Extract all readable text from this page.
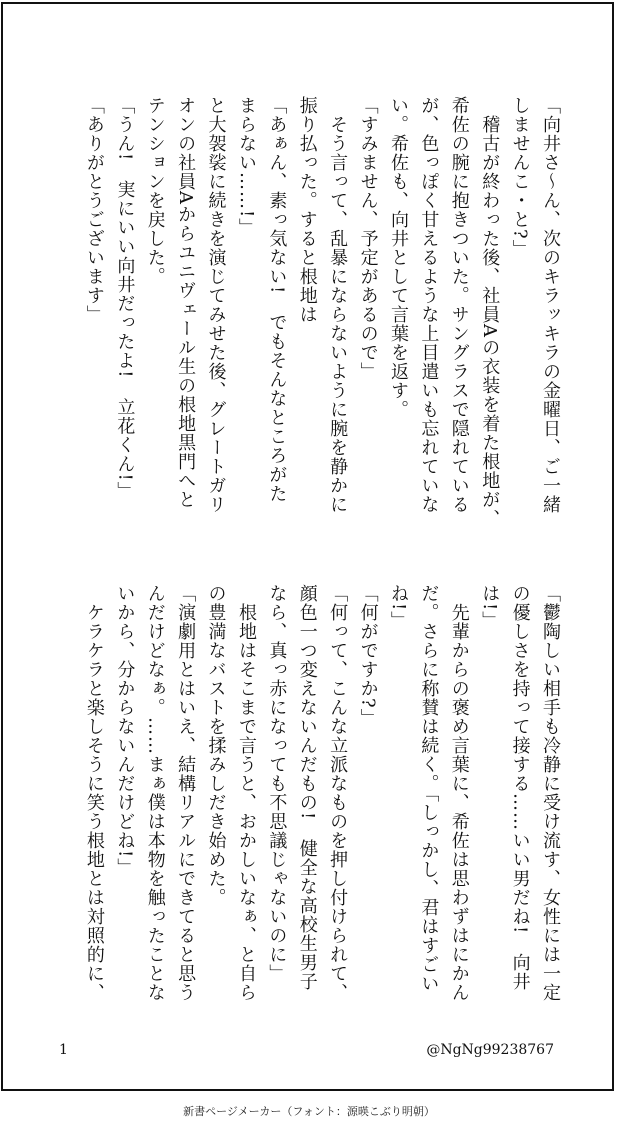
「向井さ〜ん、次のキラッキラの金曜日、ご一緒
しませんこ・と?」
　稽古が終わった後、社員Aの衣装を着た根地が、
希佐の腕に抱きついた。サングラスで隠れている
が、色っぽく甘えるような上目遣いも忘れていな
い。希佐も、向井として言葉を返す。
「すみません、予定があるので」
　そう言って、乱暴にならないように腕を静かに
振り払った。すると根地は
「あぁん、素っ気ない!　でもそんなところがた
まらない……!」
と大袈裟に続きを演じてみせた後、グレートガリ
オンの社員Aからユニヴェール生の根地黒門へと
テンションを戻した。
「うん!　実にいい向井だったよ!　立花くん!」
「ありがとうございます」
「鬱陶しい相手も冷静に受け流す、女性には一定
の優しさを持って接する……いい男だね!　向井
は!」
　先輩からの褒め言葉に、希佐は思わずはにかん
だ。さらに称賛は続く。「しっかし、君はすごい
ね!」
「何がですか?」
「何って、こんな立派なものを押し付けられて、
顔色一つ変えないんだもの!　健全な高校生男子
なら、真っ赤になっても不思議じゃないのに」
　根地はそこまで言うと、おかしいなぁ、と自ら
の豊満なバストを揉みしだき始めた。
「演劇用とはいえ、結構リアルにできてると思う
んだけどなぁ。……まぁ僕は本物を触ったことな
いから、分からないんだけどね!」
　ケラケラと楽しそうに笑う根地とは対照的に、
1	@NgNg99238767
新書ページメーカー（フォント：源暎こぶり明朝）
